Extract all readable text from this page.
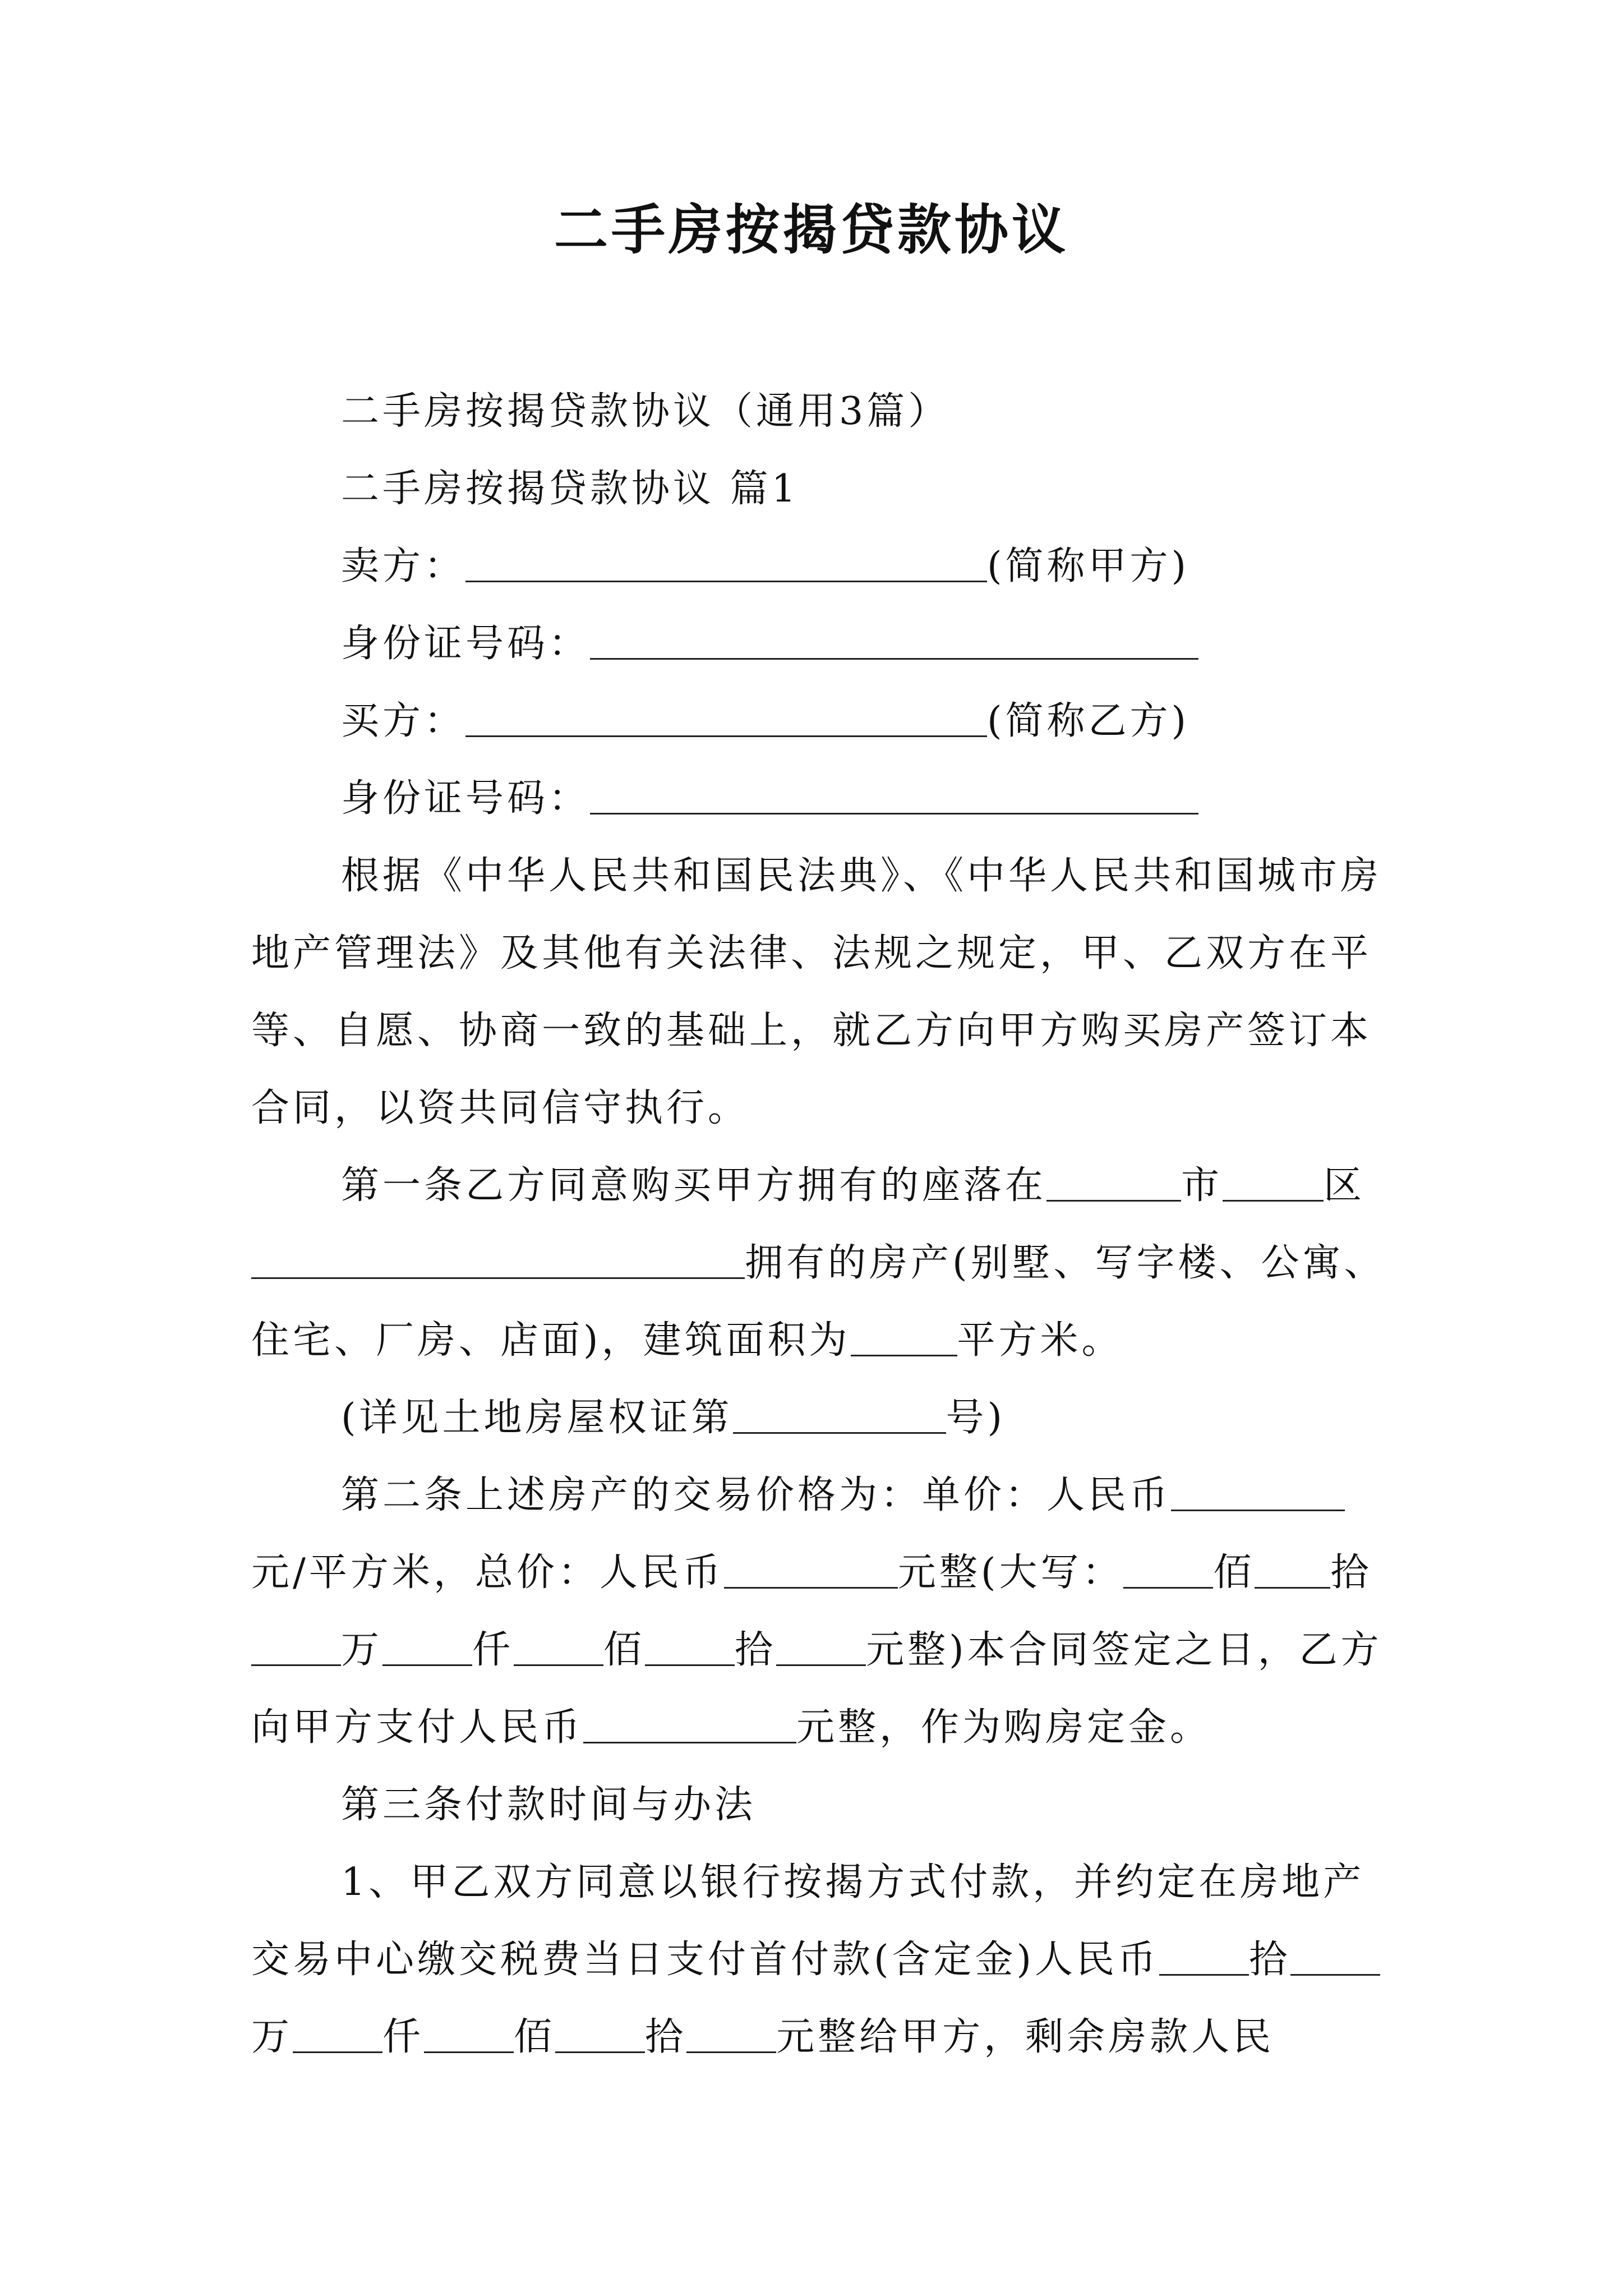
二手房按揭贷款协议

二手房按揭贷款协议（通用3篇）

二手房按揭贷款协议 篇1

卖方：	(简称甲方)

身份证号码：

买方：	(简称乙方)

身份证号码：

根据《中华人民共和国民法典》、《中华人民共和国城市房地产管理法》及其他有关法律、法规之规定，甲、乙双方在平等、自愿、协商一致的基础上，就乙方向甲方购买房产签订本合同，以资共同信守执行。

第一条乙方同意购买甲方拥有的座落在	市	区拥有的房产(别墅、写字楼、公寓、住宅、厂房、店面)，建筑面积为	平方米。

(详见土地房屋权证第	号)

第二条上述房产的交易价格为：单价：人民币元/平方米，总价：人民币	元整(大写： 佰 拾万 仟 佰 拾 元整)本合同签定之日，乙方向甲方支付人民币	元整，作为购房定金。

第三条付款时间与办法

1、甲乙双方同意以银行按揭方式付款，并约定在房地产交易中心缴交税费当日支付首付款(含定金)人民币 拾万 仟 佰 拾 元整给甲方，剩余房款人民
